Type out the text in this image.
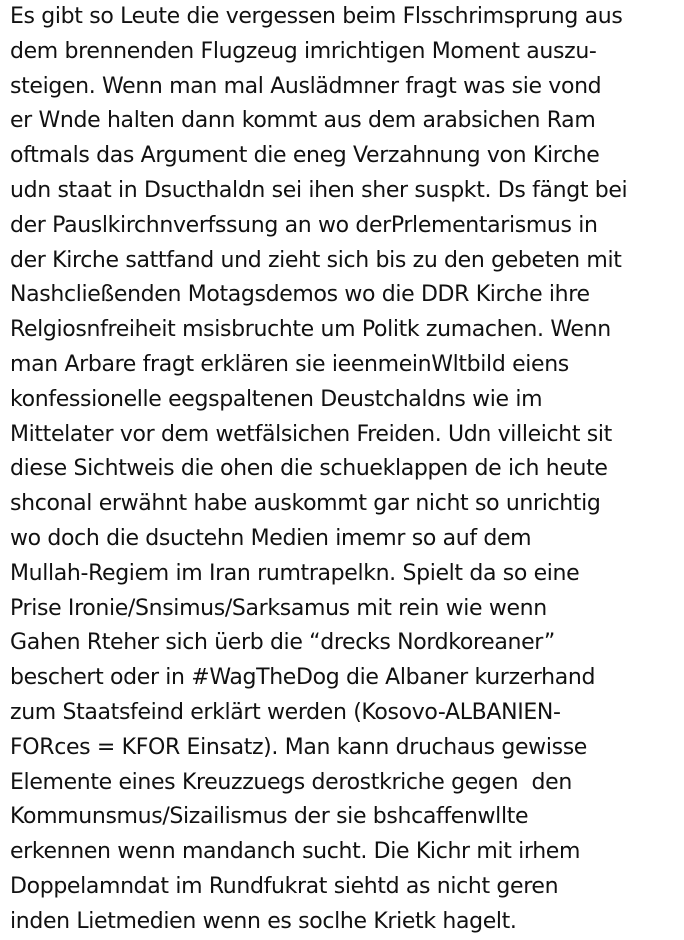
Es gibt so Leute die vergessen beim Flsschrimsprung aus
dem brennenden Flugzeug imrichtigen Moment auszu-
steigen. Wenn man mal Auslädmner fragt was sie vond
er Wnde halten dann kommt aus dem arabsichen Ram
oftmals das Argument die eneg Verzahnung von Kirche
udn staat in Dsucthaldn sei ihen sher suspkt. Ds fängt bei
der Pauslkirchnverfssung an wo derPrlementarismus in
der Kirche sattfand und zieht sich bis zu den gebeten mit
Nashcließenden Motagsdemos wo die DDR Kirche ihre
Relgiosnfreiheit msisbruchte um Politk zumachen. Wenn
man Arbare fragt erklären sie ieenmeinWltbild eiens
konfessionelle eegspaltenen Deustchaldns wie im
Mittelater vor dem wetfälsichen Freiden. Udn villeicht sit
diese Sichtweis die ohen die schueklappen de ich heute
shconal erwähnt habe auskommt gar nicht so unrichtig
wo doch die dsuctehn Medien imemr so auf dem
Mullah-Regiem im Iran rumtrapelkn. Spielt da so eine
Prise Ironie/Snsimus/Sarksamus mit rein wie wenn
Gahen Rteher sich üerb die “drecks Nordkoreaner”
beschert oder in #WagTheDog die Albaner kurzerhand
zum Staatsfeind erklärt werden (Kosovo-ALBANIEN-
FORces = KFOR Einsatz). Man kann druchaus gewisse
Elemente eines Kreuzzuegs derostkriche gegen  den
Kommunsmus/Sizailismus der sie bshcaffenwllte
erkennen wenn mandanch sucht. Die Kichr mit irhem
Doppelamndat im Rundfukrat siehtd as nicht geren
inden Lietmedien wenn es soclhe Krietk hagelt.
